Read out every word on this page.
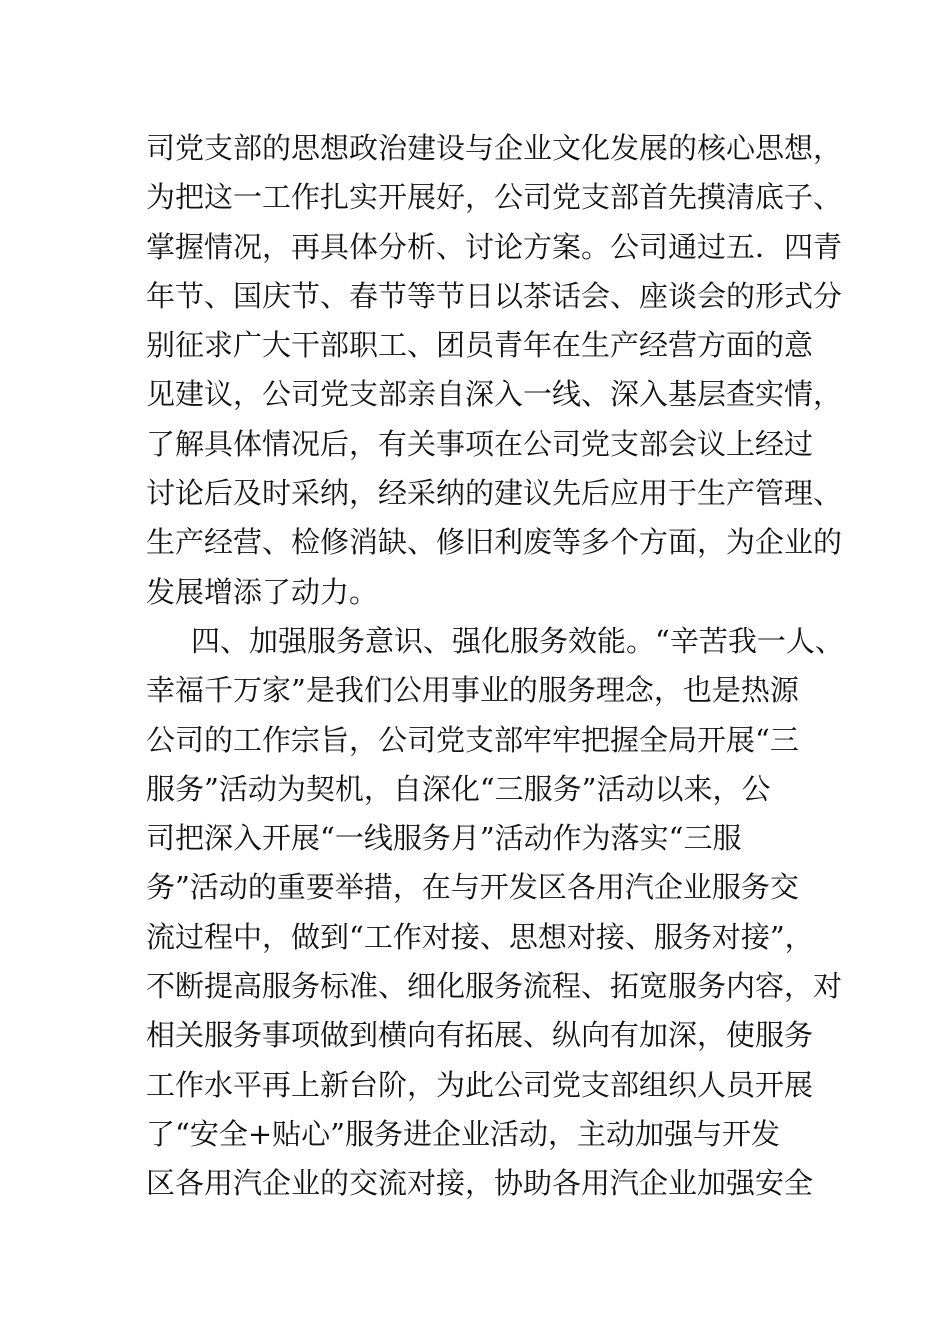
司党支部的思想政治建设与企业文化发展的核心思想，
为把这一工作扎实开展好，公司党支部首先摸清底子、
掌握情况，再具体分析、讨论方案。公司通过五．四青
年节、国庆节、春节等节日以茶话会、座谈会的形式分
别征求广大干部职工、团员青年在生产经营方面的意
见建议，公司党支部亲自深入一线、深入基层查实情，
了解具体情况后，有关事项在公司党支部会议上经过
讨论后及时采纳，经采纳的建议先后应用于生产管理、
生产经营、检修消缺、修旧利废等多个方面，为企业的
发展增添了动力。
四、加强服务意识、强化服务效能。“辛苦我一人、
幸福千万家”是我们公用事业的服务理念，也是热源
公司的工作宗旨，公司党支部牢牢把握全局开展“三
服务”活动为契机，自深化“三服务”活动以来，公
司把深入开展“一线服务月”活动作为落实“三服
务”活动的重要举措，在与开发区各用汽企业服务交
流过程中，做到“工作对接、思想对接、服务对接”，
不断提高服务标准、细化服务流程、拓宽服务内容，对
相关服务事项做到横向有拓展、纵向有加深，使服务
工作水平再上新台阶，为此公司党支部组织人员开展
了“安全+贴心”服务进企业活动，主动加强与开发
区各用汽企业的交流对接，协助各用汽企业加强安全
